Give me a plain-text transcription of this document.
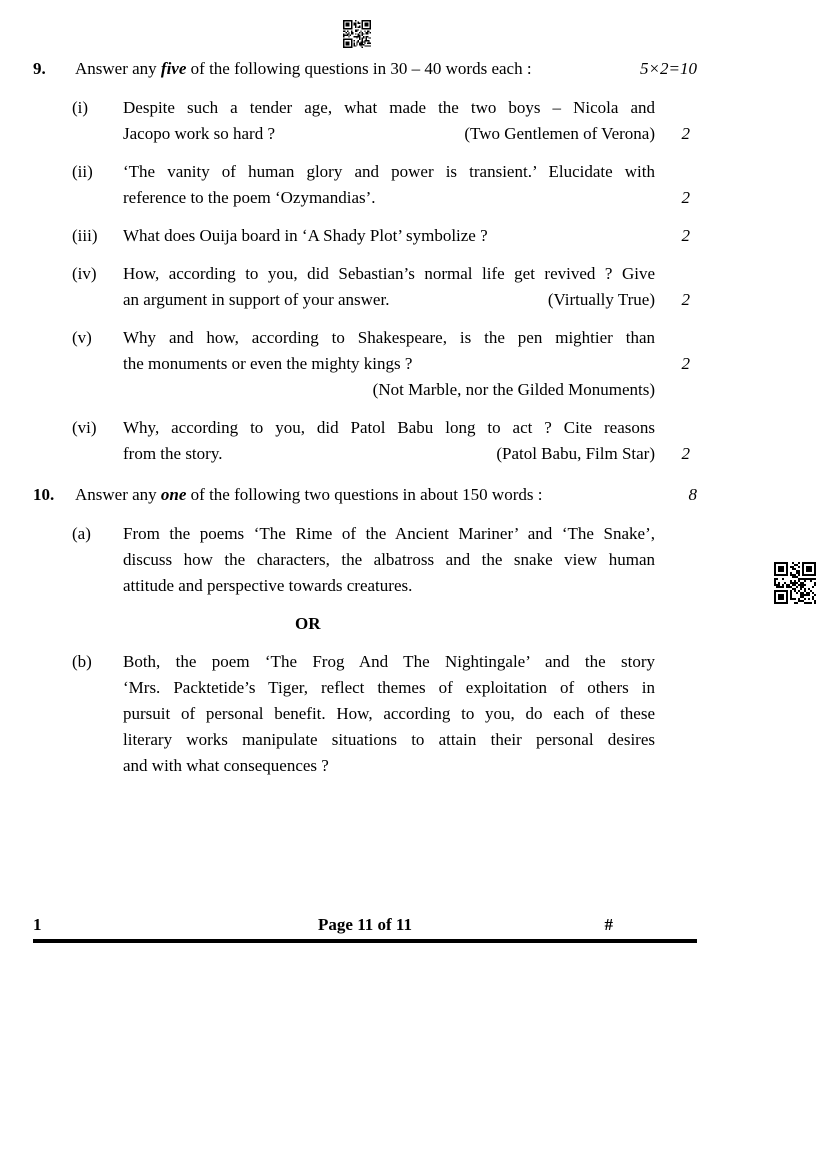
9.	Answer any five of the following questions in 30 – 40 words each :	5×2=10
(i)	Despite such a tender age, what made the two boys – Nicola and
Jacopo work so hard ?	(Two Gentlemen of Verona)	2
(ii)	‘The vanity of human glory and power is transient.’ Elucidate with
reference to the poem ‘Ozymandias’.	2
(iii)	What does Ouija board in ‘A Shady Plot’ symbolize ?	2
(iv)	How, according to you, did Sebastian’s normal life get revived ? Give
an argument in support of your answer.	(Virtually True)	2
(v)	Why and how, according to Shakespeare, is the pen mightier than
the monuments or even the mighty kings ?	2
(Not Marble, nor the Gilded Monuments)
(vi)	Why, according to you, did Patol Babu long to act ? Cite reasons
from the story.	(Patol Babu, Film Star)	2
10.	Answer any one of the following two questions in about 150 words :	8
(a)	From the poems ‘The Rime of the Ancient Mariner’ and ‘The Snake’,
discuss how the characters, the albatross and the snake view human
attitude and perspective towards creatures.
OR
(b)	Both, the poem ‘The Frog And The Nightingale’ and the story
‘Mrs. Packtetide’s Tiger, reflect themes of exploitation of others in
pursuit of personal benefit. How, according to you, do each of these
literary works manipulate situations to attain their personal desires
and with what consequences ?
1	Page 11 of 11	#
